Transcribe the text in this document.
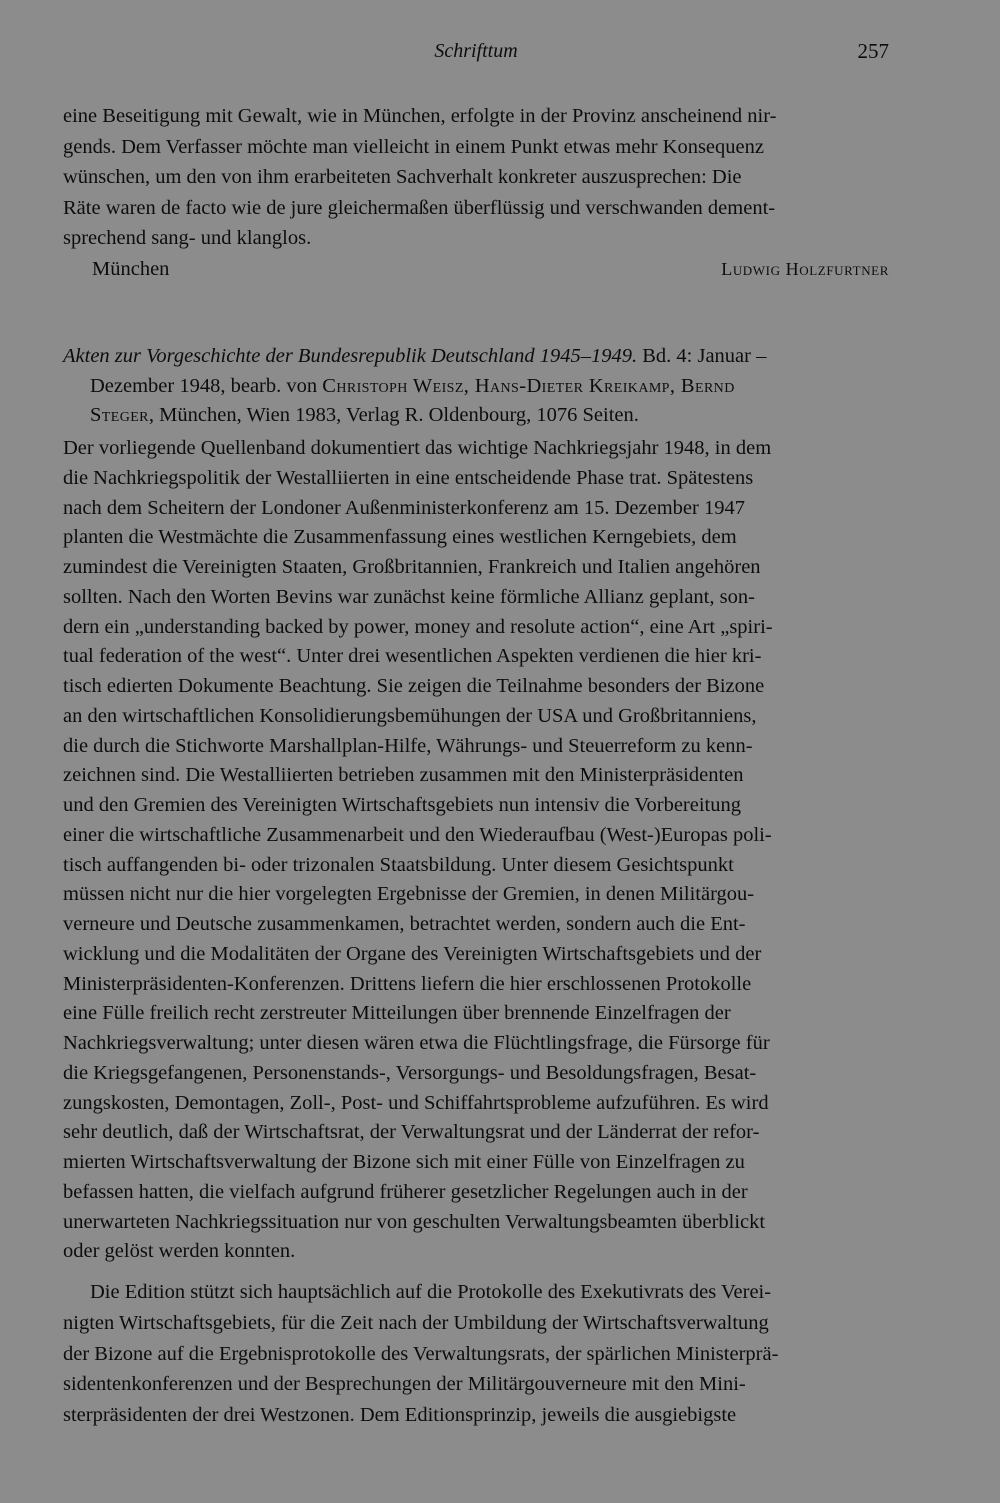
Schrifttum	257
eine Beseitigung mit Gewalt, wie in München, erfolgte in der Provinz anscheinend nir-
gends. Dem Verfasser möchte man vielleicht in einem Punkt etwas mehr Konsequenz
wünschen, um den von ihm erarbeiteten Sachverhalt konkreter auszusprechen: Die
Räte waren de facto wie de jure gleichermaßen überflüssig und verschwanden dement-
sprechend sang- und klanglos.
München	Ludwig Holzfurtner
Akten zur Vorgeschichte der Bundesrepublik Deutschland 1945–1949. Bd. 4: Januar –
Dezember 1948, bearb. von Christoph Weisz, Hans-Dieter Kreikamp, Bernd
Steger, München, Wien 1983, Verlag R. Oldenbourg, 1076 Seiten.
Der vorliegende Quellenband dokumentiert das wichtige Nachkriegsjahr 1948, in dem
die Nachkriegspolitik der Westalliierten in eine entscheidende Phase trat. Spätestens
nach dem Scheitern der Londoner Außenministerkonferenz am 15. Dezember 1947
planten die Westmächte die Zusammenfassung eines westlichen Kerngebiets, dem
zumindest die Vereinigten Staaten, Großbritannien, Frankreich und Italien angehören
sollten. Nach den Worten Bevins war zunächst keine förmliche Allianz geplant, son-
dern ein „understanding backed by power, money and resolute action“, eine Art „spiri-
tual federation of the west“. Unter drei wesentlichen Aspekten verdienen die hier kri-
tisch edierten Dokumente Beachtung. Sie zeigen die Teilnahme besonders der Bizone
an den wirtschaftlichen Konsolidierungsbemühungen der USA und Großbritanniens,
die durch die Stichworte Marshallplan-Hilfe, Währungs- und Steuerreform zu kenn-
zeichnen sind. Die Westalliierten betrieben zusammen mit den Ministerpräsidenten
und den Gremien des Vereinigten Wirtschaftsgebiets nun intensiv die Vorbereitung
einer die wirtschaftliche Zusammenarbeit und den Wiederaufbau (West-)Europas poli-
tisch auffangenden bi- oder trizonalen Staatsbildung. Unter diesem Gesichtspunkt
müssen nicht nur die hier vorgelegten Ergebnisse der Gremien, in denen Militärgou-
verneure und Deutsche zusammenkamen, betrachtet werden, sondern auch die Ent-
wicklung und die Modalitäten der Organe des Vereinigten Wirtschaftsgebiets und der
Ministerpräsidenten-Konferenzen. Drittens liefern die hier erschlossenen Protokolle
eine Fülle freilich recht zerstreuter Mitteilungen über brennende Einzelfragen der
Nachkriegsverwaltung; unter diesen wären etwa die Flüchtlingsfrage, die Fürsorge für
die Kriegsgefangenen, Personenstands-, Versorgungs- und Besoldungsfragen, Besat-
zungskosten, Demontagen, Zoll-, Post- und Schiffahrtsprobleme aufzuführen. Es wird
sehr deutlich, daß der Wirtschaftsrat, der Verwaltungsrat und der Länderrat der refor-
mierten Wirtschaftsverwaltung der Bizone sich mit einer Fülle von Einzelfragen zu
befassen hatten, die vielfach aufgrund früherer gesetzlicher Regelungen auch in der
unerwarteten Nachkriegssituation nur von geschulten Verwaltungsbeamten überblickt
oder gelöst werden konnten.
Die Edition stützt sich hauptsächlich auf die Protokolle des Exekutivrats des Verei-
nigten Wirtschaftsgebiets, für die Zeit nach der Umbildung der Wirtschaftsverwaltung
der Bizone auf die Ergebnisprotokolle des Verwaltungsrats, der spärlichen Ministerprä-
sidentenkonferenzen und der Besprechungen der Militärgouverneure mit den Mini-
sterpräsidenten der drei Westzonen. Dem Editionsprinzip, jeweils die ausgiebigste
